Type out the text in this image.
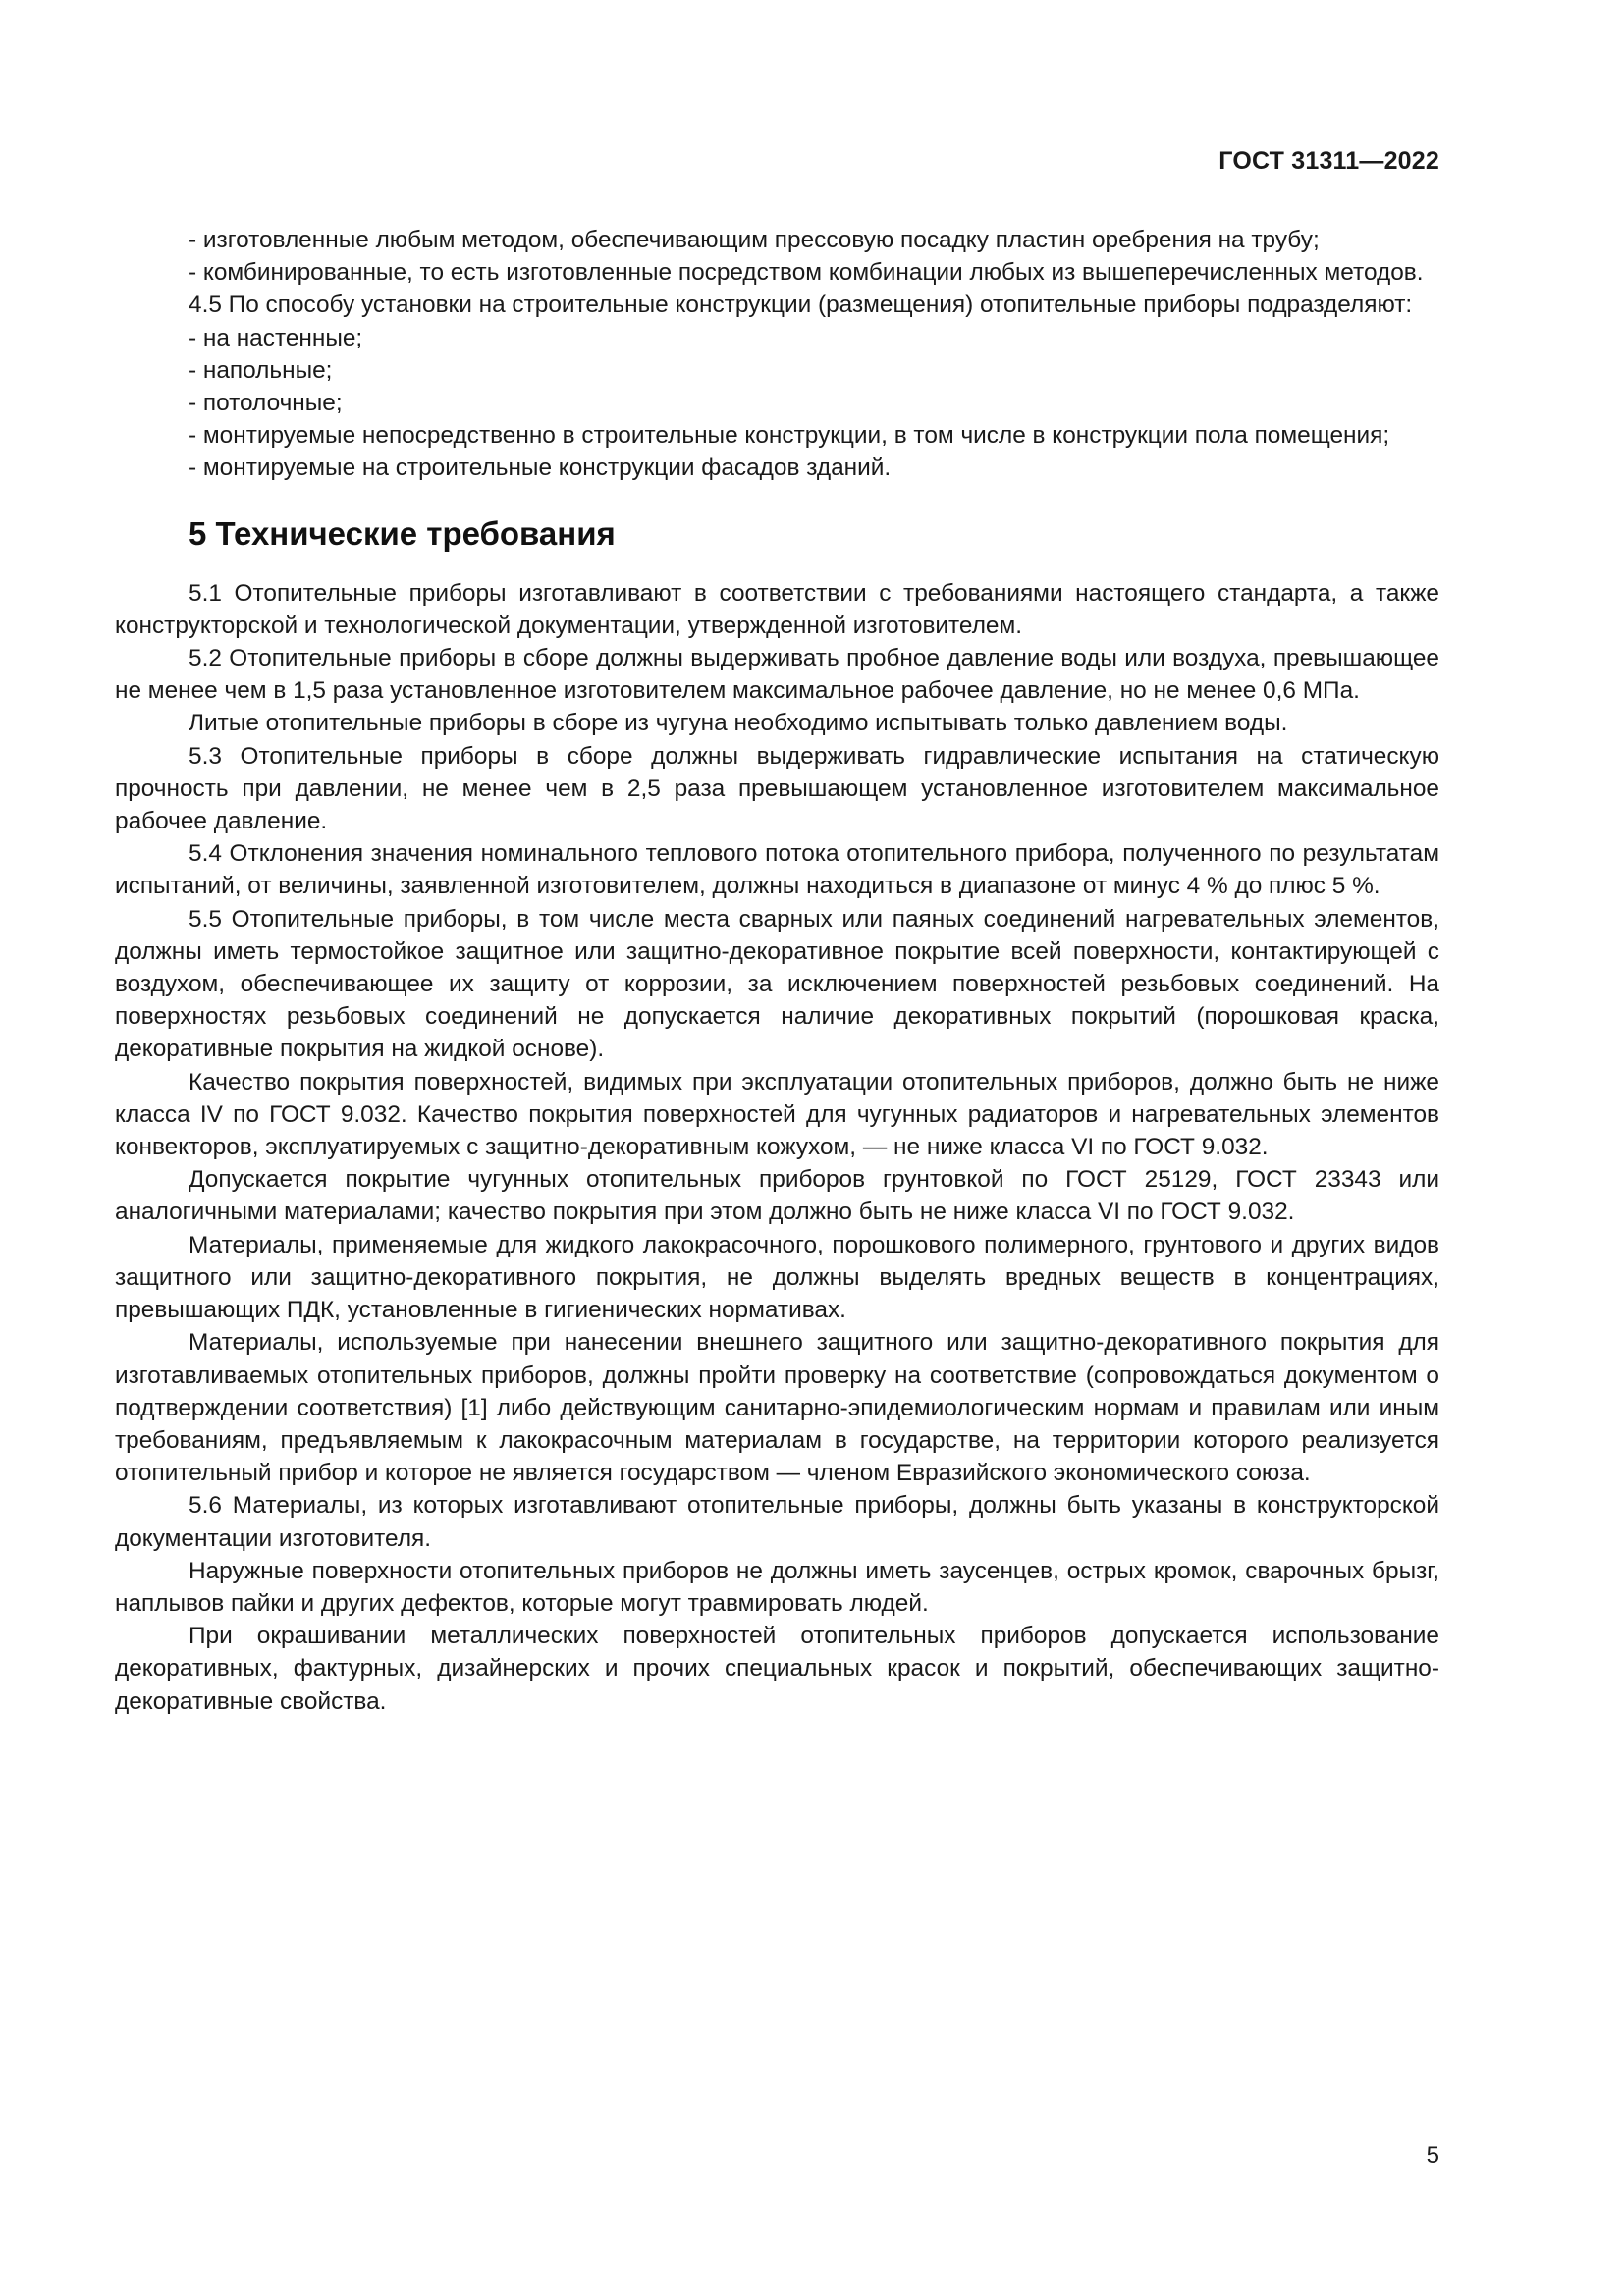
ГОСТ 31311—2022

- изготовленные любым методом, обеспечивающим прессовую посадку пластин оребрения на трубу;

- комбинированные, то есть изготовленные посредством комбинации любых из вышеперечисленных методов.

4.5 По способу установки на строительные конструкции (размещения) отопительные приборы подразделяют:

- на настенные;

- напольные;

- потолочные;

- монтируемые непосредственно в строительные конструкции, в том числе в конструкции пола помещения;

- монтируемые на строительные конструкции фасадов зданий.

5 Технические требования

5.1 Отопительные приборы изготавливают в соответствии с требованиями настоящего стандарта, а также конструкторской и технологической документации, утвержденной изготовителем.

5.2 Отопительные приборы в сборе должны выдерживать пробное давление воды или воздуха, превышающее не менее чем в 1,5 раза установленное изготовителем максимальное рабочее давление, но не менее 0,6 МПа.

Литые отопительные приборы в сборе из чугуна необходимо испытывать только давлением воды.

5.3 Отопительные приборы в сборе должны выдерживать гидравлические испытания на статическую прочность при давлении, не менее чем в 2,5 раза превышающем установленное изготовителем максимальное рабочее давление.

5.4 Отклонения значения номинального теплового потока отопительного прибора, полученного по результатам испытаний, от величины, заявленной изготовителем, должны находиться в диапазоне от минус 4 % до плюс 5 %.

5.5 Отопительные приборы, в том числе места сварных или паяных соединений нагревательных элементов, должны иметь термостойкое защитное или защитно-декоративное покрытие всей поверхности, контактирующей с воздухом, обеспечивающее их защиту от коррозии, за исключением поверхностей резьбовых соединений. На поверхностях резьбовых соединений не допускается наличие декоративных покрытий (порошковая краска, декоративные покрытия на жидкой основе).

Качество покрытия поверхностей, видимых при эксплуатации отопительных приборов, должно быть не ниже класса IV по ГОСТ 9.032. Качество покрытия поверхностей для чугунных радиаторов и нагревательных элементов конвекторов, эксплуатируемых с защитно-декоративным кожухом, — не ниже класса VI по ГОСТ 9.032.

Допускается покрытие чугунных отопительных приборов грунтовкой по ГОСТ 25129, ГОСТ 23343 или аналогичными материалами; качество покрытия при этом должно быть не ниже класса VI по ГОСТ 9.032.

Материалы, применяемые для жидкого лакокрасочного, порошкового полимерного, грунтового и других видов защитного или защитно-декоративного покрытия, не должны выделять вредных веществ в концентрациях, превышающих ПДК, установленные в гигиенических нормативах.

Материалы, используемые при нанесении внешнего защитного или защитно-декоративного покрытия для изготавливаемых отопительных приборов, должны пройти проверку на соответствие (сопровождаться документом о подтверждении соответствия) [1] либо действующим санитарно-эпидемиологическим нормам и правилам или иным требованиям, предъявляемым к лакокрасочным материалам в государстве, на территории которого реализуется отопительный прибор и которое не является государством — членом Евразийского экономического союза.

5.6 Материалы, из которых изготавливают отопительные приборы, должны быть указаны в конструкторской документации изготовителя.

Наружные поверхности отопительных приборов не должны иметь заусенцев, острых кромок, сварочных брызг, наплывов пайки и других дефектов, которые могут травмировать людей.

При окрашивании металлических поверхностей отопительных приборов допускается использование декоративных, фактурных, дизайнерских и прочих специальных красок и покрытий, обеспечивающих защитно-декоративные свойства.

5
